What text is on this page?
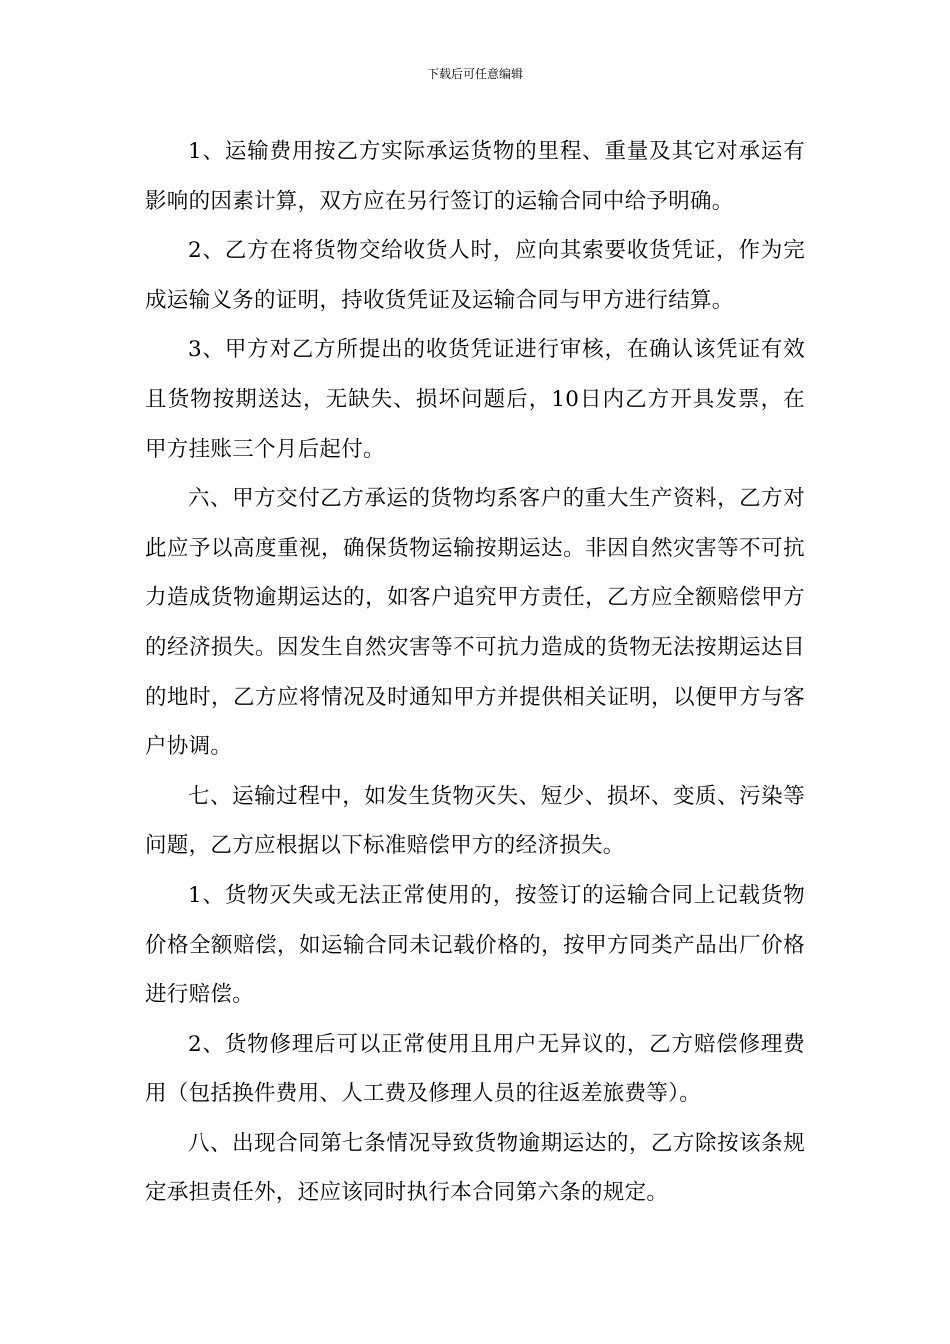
下载后可任意编辑

1、运输费用按乙方实际承运货物的里程、重量及其它对承运有影响的因素计算，双方应在另行签订的运输合同中给予明确。

2、乙方在将货物交给收货人时，应向其索要收货凭证，作为完成运输义务的证明，持收货凭证及运输合同与甲方进行结算。

3、甲方对乙方所提出的收货凭证进行审核，在确认该凭证有效且货物按期送达，无缺失、损坏问题后，10日内乙方开具发票，在甲方挂账三个月后起付。

六、甲方交付乙方承运的货物均系客户的重大生产资料，乙方对此应予以高度重视，确保货物运输按期运达。非因自然灾害等不可抗力造成货物逾期运达的，如客户追究甲方责任，乙方应全额赔偿甲方的经济损失。因发生自然灾害等不可抗力造成的货物无法按期运达目的地时，乙方应将情况及时通知甲方并提供相关证明，以便甲方与客户协调。

七、运输过程中，如发生货物灭失、短少、损坏、变质、污染等问题，乙方应根据以下标准赔偿甲方的经济损失。

1、货物灭失或无法正常使用的，按签订的运输合同上记载货物价格全额赔偿，如运输合同未记载价格的，按甲方同类产品出厂价格进行赔偿。

2、货物修理后可以正常使用且用户无异议的，乙方赔偿修理费用（包括换件费用、人工费及修理人员的往返差旅费等）。

八、出现合同第七条情况导致货物逾期运达的，乙方除按该条规定承担责任外，还应该同时执行本合同第六条的规定。
